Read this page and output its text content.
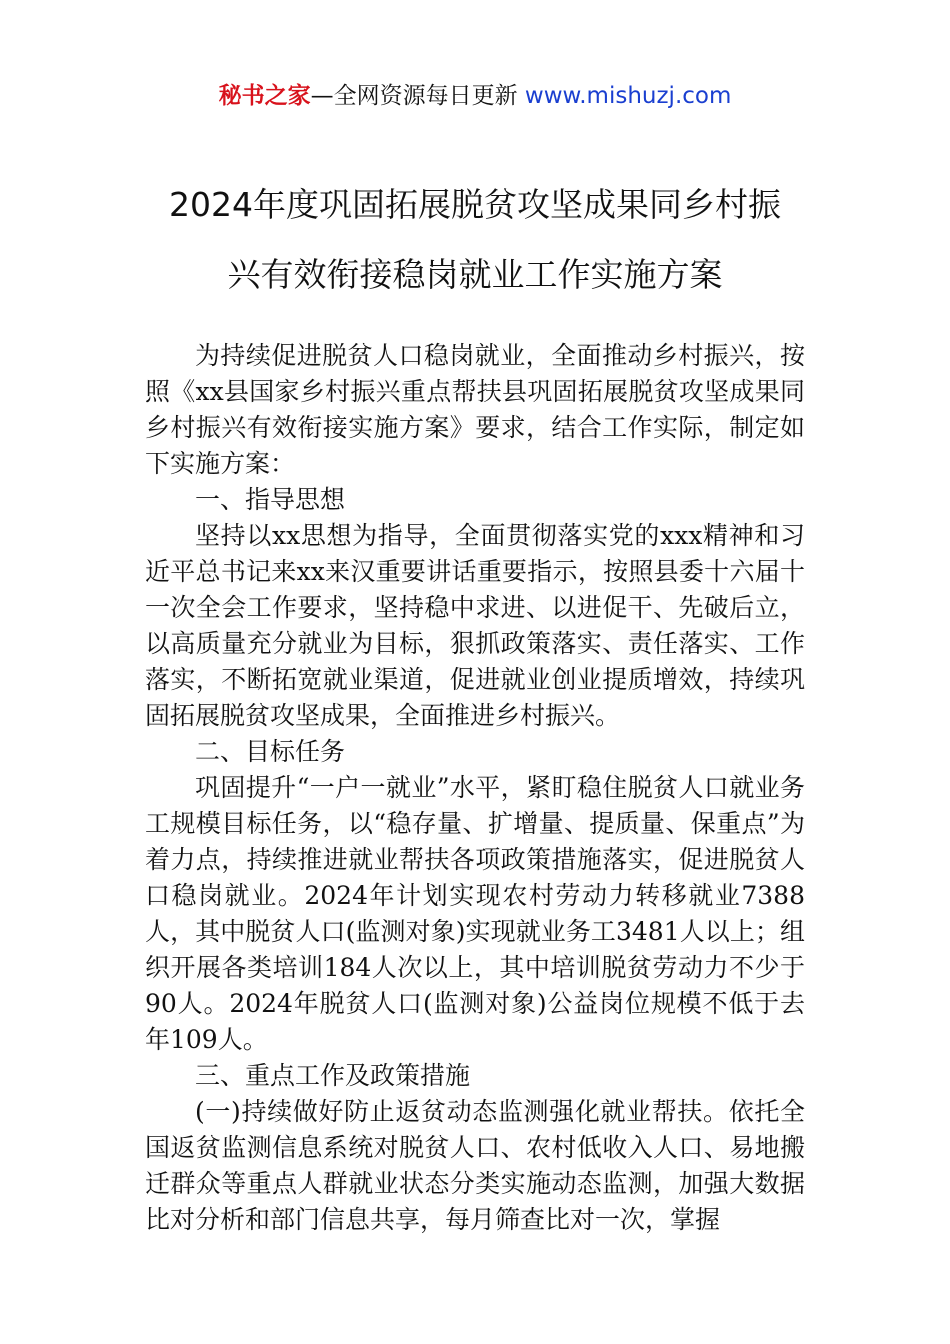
秘书之家—全网资源每日更新 www.mishuzj.com
2024年度巩固拓展脱贫攻坚成果同乡村振
兴有效衔接稳岗就业工作实施方案

为持续促进脱贫人口稳岗就业，全面推动乡村振兴，按照《xx县国家乡村振兴重点帮扶县巩固拓展脱贫攻坚成果同乡村振兴有效衔接实施方案》要求，结合工作实际，制定如下实施方案：

一、指导思想

坚持以xx思想为指导，全面贯彻落实党的xxx精神和习近平总书记来xx来汉重要讲话重要指示，按照县委十六届十一次全会工作要求，坚持稳中求进、以进促干、先破后立，以高质量充分就业为目标，狠抓政策落实、责任落实、工作落实，不断拓宽就业渠道，促进就业创业提质增效，持续巩固拓展脱贫攻坚成果，全面推进乡村振兴。

二、目标任务

巩固提升“一户一就业”水平，紧盯稳住脱贫人口就业务工规模目标任务，以“稳存量、扩增量、提质量、保重点”为着力点，持续推进就业帮扶各项政策措施落实，促进脱贫人口稳岗就业。2024年计划实现农村劳动力转移就业7388人，其中脱贫人口(监测对象)实现就业务工3481人以上；组织开展各类培训184人次以上，其中培训脱贫劳动力不少于90人。2024年脱贫人口(监测对象)公益岗位规模不低于去年109人。

三、重点工作及政策措施

(一)持续做好防止返贫动态监测强化就业帮扶。依托全国返贫监测信息系统对脱贫人口、农村低收入人口、易地搬迁群众等重点人群就业状态分类实施动态监测，加强大数据比对分析和部门信息共享，每月筛查比对一次，掌握
